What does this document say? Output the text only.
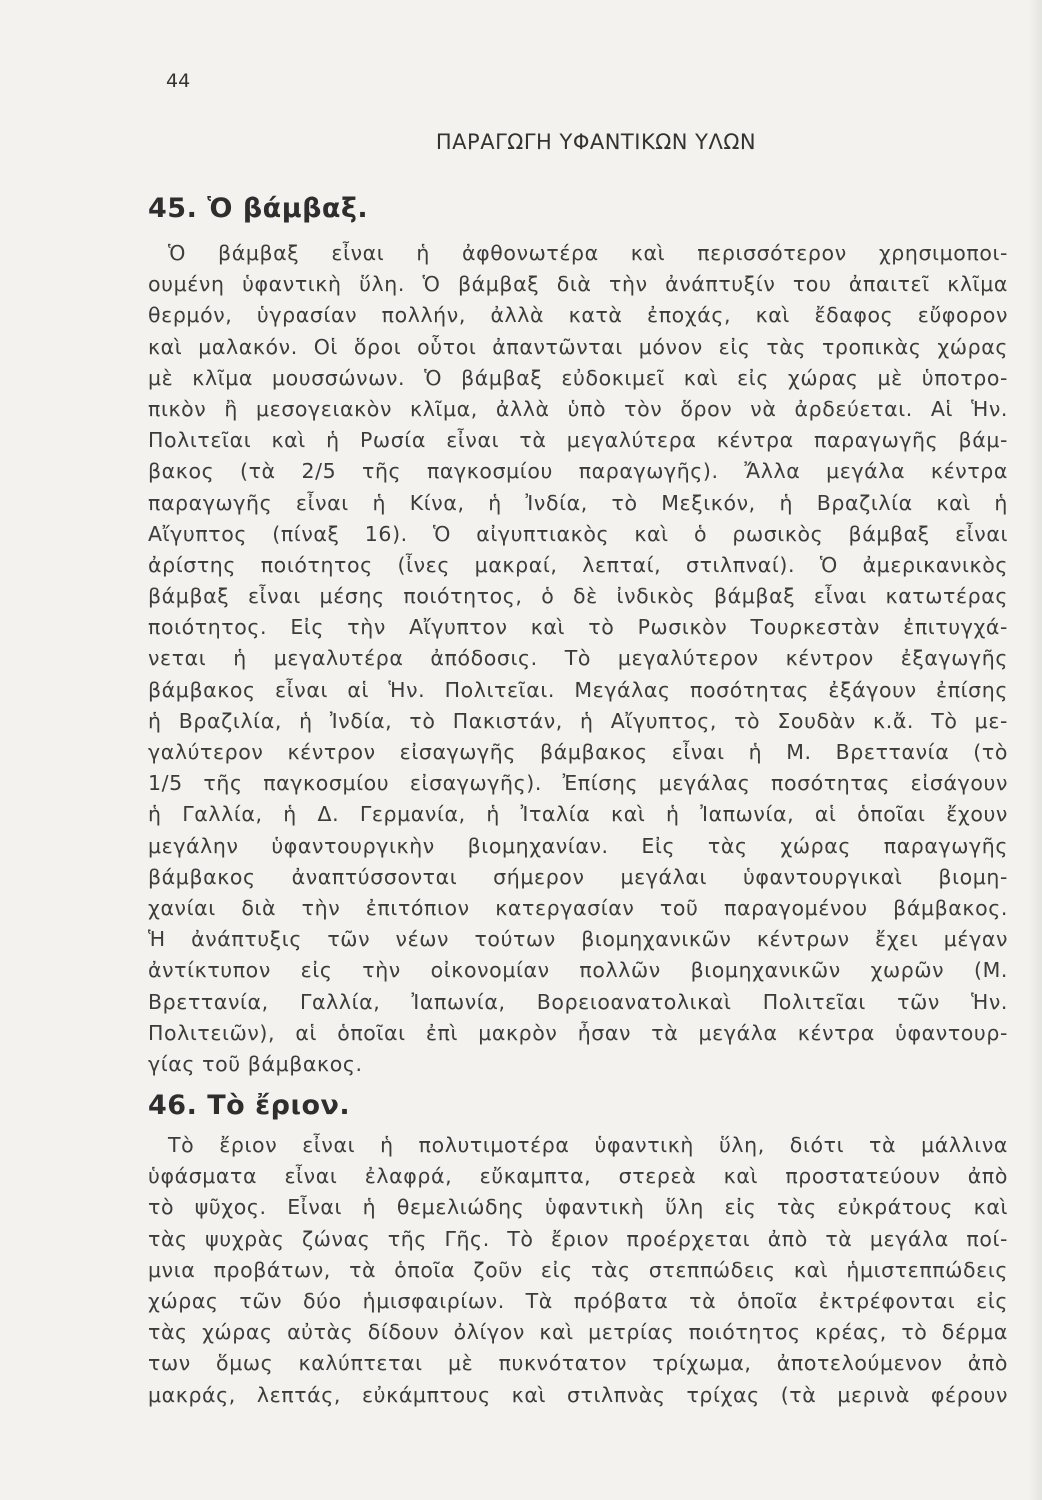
44
ΠΑΡΑΓΩΓΗ ΥΦΑΝΤΙΚΩΝ ΥΛΩΝ
45. Ὁ βάμβαξ.
Ὁ βάμβαξ εἶναι ἡ ἀφθονωτέρα καὶ περισσότερον χρησιμοποι-
ουμένη ὑφαντικὴ ὕλη. Ὁ βάμβαξ διὰ τὴν ἀνάπτυξίν του ἀπαιτεῖ κλῖμα
θερμόν, ὑγρασίαν πολλήν, ἀλλὰ κατὰ ἐποχάς, καὶ ἔδαφος εὔφορον
καὶ μαλακόν. Οἱ ὅροι οὗτοι ἀπαντῶνται μόνον εἰς τὰς τροπικὰς χώρας
μὲ κλῖμα μουσσώνων. Ὁ βάμβαξ εὐδοκιμεῖ καὶ εἰς χώρας μὲ ὑποτρο-
πικὸν ἢ μεσογειακὸν κλῖμα, ἀλλὰ ὑπὸ τὸν ὅρον νὰ ἀρδεύεται. Αἱ Ἡν.
Πολιτεῖαι καὶ ἡ Ρωσία εἶναι τὰ μεγαλύτερα κέντρα παραγωγῆς βάμ-
βακος (τὰ 2/5 τῆς παγκοσμίου παραγωγῆς). Ἄλλα μεγάλα κέντρα
παραγωγῆς εἶναι ἡ Κίνα, ἡ Ἰνδία, τὸ Μεξικόν, ἡ Βραζιλία καὶ ἡ
Αἴγυπτος (πίναξ 16). Ὁ αἰγυπτιακὸς καὶ ὁ ρωσικὸς βάμβαξ εἶναι
ἀρίστης ποιότητος (ἶνες μακραί, λεπταί, στιλπναί). Ὁ ἀμερικανικὸς
βάμβαξ εἶναι μέσης ποιότητος, ὁ δὲ ἰνδικὸς βάμβαξ εἶναι κατωτέρας
ποιότητος. Εἰς τὴν Αἴγυπτον καὶ τὸ Ρωσικὸν Τουρκεστὰν ἐπιτυγχά-
νεται ἡ μεγαλυτέρα ἀπόδοσις. Τὸ μεγαλύτερον κέντρον ἐξαγωγῆς
βάμβακος εἶναι αἱ Ἡν. Πολιτεῖαι. Μεγάλας ποσότητας ἐξάγουν ἐπίσης
ἡ Βραζιλία, ἡ Ἰνδία, τὸ Πακιστάν, ἡ Αἴγυπτος, τὸ Σουδὰν κ.ἄ. Τὸ με-
γαλύτερον κέντρον εἰσαγωγῆς βάμβακος εἶναι ἡ Μ. Βρεττανία (τὸ
1/5 τῆς παγκοσμίου εἰσαγωγῆς). Ἐπίσης μεγάλας ποσότητας εἰσάγουν
ἡ Γαλλία, ἡ Δ. Γερμανία, ἡ Ἰταλία καὶ ἡ Ἰαπωνία, αἱ ὁποῖαι ἔχουν
μεγάλην ὑφαντουργικὴν βιομηχανίαν. Εἰς τὰς χώρας παραγωγῆς
βάμβακος ἀναπτύσσονται σήμερον μεγάλαι ὑφαντουργικαὶ βιομη-
χανίαι διὰ τὴν ἐπιτόπιον κατεργασίαν τοῦ παραγομένου βάμβακος.
Ἡ ἀνάπτυξις τῶν νέων τούτων βιομηχανικῶν κέντρων ἔχει μέγαν
ἀντίκτυπον εἰς τὴν οἰκονομίαν πολλῶν βιομηχανικῶν χωρῶν (Μ.
Βρεττανία, Γαλλία, Ἰαπωνία, Βορειοανατολικαὶ Πολιτεῖαι τῶν Ἡν.
Πολιτειῶν), αἱ ὁποῖαι ἐπὶ μακρὸν ἦσαν τὰ μεγάλα κέντρα ὑφαντουρ-
γίας τοῦ βάμβακος.
46. Τὸ ἔριον.
Τὸ ἔριον εἶναι ἡ πολυτιμοτέρα ὑφαντικὴ ὕλη, διότι τὰ μάλλινα
ὑφάσματα εἶναι ἐλαφρά, εὔκαμπτα, στερεὰ καὶ προστατεύουν ἀπὸ
τὸ ψῦχος. Εἶναι ἡ θεμελιώδης ὑφαντικὴ ὕλη εἰς τὰς εὐκράτους καὶ
τὰς ψυχρὰς ζώνας τῆς Γῆς. Τὸ ἔριον προέρχεται ἀπὸ τὰ μεγάλα ποί-
μνια προβάτων, τὰ ὁποῖα ζοῦν εἰς τὰς στεππώδεις καὶ ἡμιστεππώδεις
χώρας τῶν δύο ἡμισφαιρίων. Τὰ πρόβατα τὰ ὁποῖα ἐκτρέφονται εἰς
τὰς χώρας αὐτὰς δίδουν ὀλίγον καὶ μετρίας ποιότητος κρέας, τὸ δέρμα
των ὅμως καλύπτεται μὲ πυκνότατον τρίχωμα, ἀποτελούμενον ἀπὸ
μακράς, λεπτάς, εὐκάμπτους καὶ στιλπνὰς τρίχας (τὰ μερινὰ φέρουν
